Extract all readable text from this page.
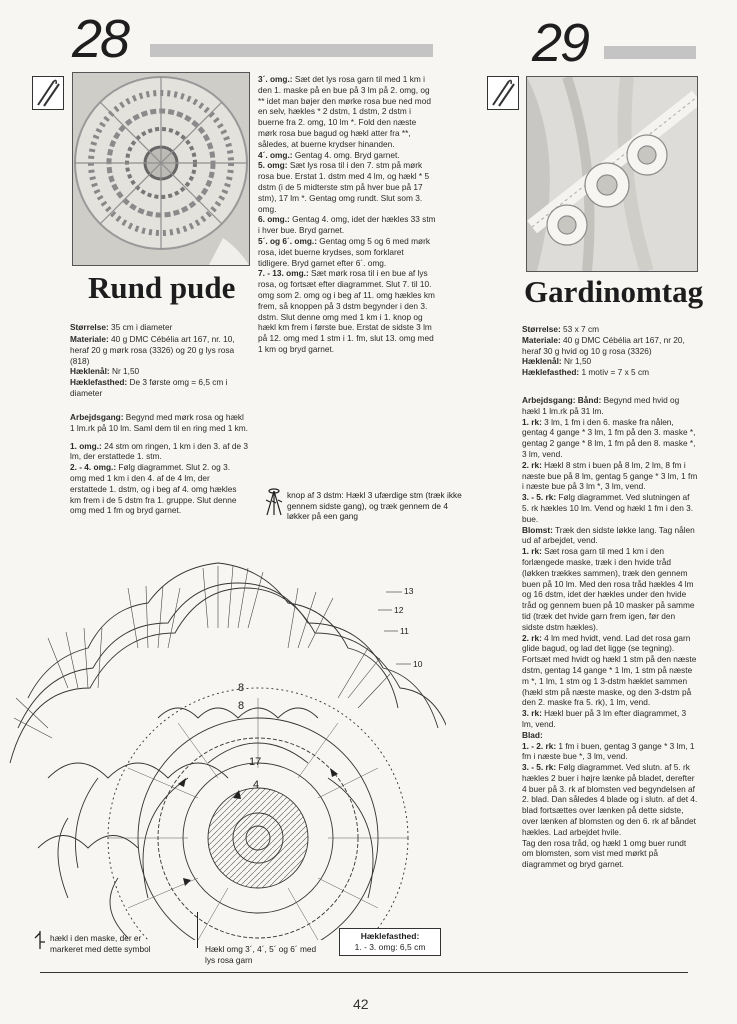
28	29
Rund pude	Gardinomtag

Størrelse: 35 cm i diameter

Materiale: 40 g DMC Cébélia art 167, nr. 10, heraf 20 g mørk rosa (3326) og 20 g lys rosa (818)
Hæklenål: Nr 1,50
Hæklefasthed: De 3 første omg = 6,5 cm i diameter

Arbejdsgang: Begynd med mørk rosa og hækl 1 lm.rk på 10 lm. Saml dem til en ring med 1 km.

1. omg.: 24 stm om ringen, 1 km i den 3. af de 3 lm, der erstattede 1. stm.

2. - 4. omg.: Følg diagrammet. Slut 2. og 3. omg med 1 km i den 4. af de 4 lm, der erstattede 1. dstm, og i beg af 4. omg hækles km frem i de 5 dstm fra 1. gruppe. Slut denne omg med 1 fm og bryd garnet.

3´. omg.: Sæt det lys rosa garn til med 1 km i den 1. maske på en bue på 3 lm på 2. omg, og ** idet man bøjer den mørke rosa bue ned mod en selv, hækles * 2 dstm, 1 dstm, 2 dstm i buerne fra 2. omg, 10 lm *. Fold den næste mørk rosa bue bagud og hækl atter fra **, således, at buerne krydser hinanden.
4´. omg.: Gentag 4. omg. Bryd garnet.
5. omg: Sæt lys rosa til i den 7. stm på mørk rosa bue. Erstat 1. dstm med 4 lm, og hækl * 5 dstm (i de 5 midterste stm på hver bue på 17 stm), 17 lm *. Gentag omg rundt. Slut som 3. omg.
6. omg.: Gentag 4. omg, idet der hækles 33 stm i hver bue. Bryd garnet.
5´. og 6´. omg.: Gentag omg 5 og 6 med mørk rosa, idet buerne krydses, som forklaret tidligere. Bryd garnet efter 6´. omg.
7. - 13. omg.: Sæt mørk rosa til i en bue af lys rosa, og fortsæt efter diagrammet. Slut 7. til 10. omg som 2. omg og i beg af 11. omg hækles km frem, så knoppen på 3 dstm begynder i den 3. dstm. Slut denne omg med 1 km i 1. knop og hækl km frem i første bue. Erstat de sidste 3 lm på 12. omg med 1 stm i 1. fm, slut 13. omg med 1 km og bryd garnet.
knop af 3 dstm: Hækl 3 ufærdige stm (træk ikke gennem sidste gang), og træk gennem de 4 løkker på een gang
13
12
11
10
8
8
17
4
hækl i den maske, der er markeret med dette symbol	Hækl omg 3´, 4´, 5´ og 6´ med lys rosa garn
Hæklefasthed:
1. - 3. omg: 6,5 cm
Størrelse: 53 x 7 cm
Materiale: 40 g DMC Cébélia art 167, nr 20, heraf 30 g hvid og 10 g rosa (3326)
Hæklenål: Nr 1,50
Hæklefasthed: 1 motiv = 7 x 5 cm
Arbejdsgang: Bånd: Begynd med hvid og hækl 1 lm.rk på 31 lm.
1. rk: 3 lm, 1 fm i den 6. maske fra nålen, gentag 4 gange * 3 lm, 1 fm på den 3. maske *, gentag 2 gange * 8 lm, 1 fm på den 8. maske *, 3 lm, vend.
2. rk: Hækl 8 stm i buen på 8 lm, 2 lm, 8 fm i næste bue på 8 lm, gentag 5 gange * 3 lm, 1 fm i næste bue på 3 lm *, 3 lm, vend.
3. - 5. rk: Følg diagrammet. Ved slutningen af 5. rk hækles 10 lm. Vend og hækl 1 fm i den 3. bue.
Blomst: Træk den sidste løkke lang. Tag nålen ud af arbejdet, vend.
1. rk: Sæt rosa garn til med 1 km i den forlængede maske, træk i den hvide tråd (løkken trækkes sammen), træk den gennem buen på 10 lm. Med den rosa tråd hækles 4 lm og 16 dstm, idet der hækles under den hvide tråd og gennem buen på 10 masker på samme tid (træk det hvide garn frem igen, før den sidste dstm hækles).
2. rk: 4 lm med hvidt, vend. Lad det rosa garn glide bagud, og lad det ligge (se tegning). Fortsæt med hvidt og hækl 1 stm på den næste dstm, gentag 14 gange * 1 lm, 1 stm på næste m *, 1 lm, 1 stm og 1 3-dstm hæklet sammen (hækl stm på næste maske, og den 3-dstm på den 2. maske fra 5. rk), 1 lm, vend.
3. rk: Hækl buer på 3 lm efter diagrammet, 3 lm, vend.
Blad:
1. - 2. rk: 1 fm i buen, gentag 3 gange * 3 lm, 1 fm i næste bue *, 3 lm, vend.
3. - 5. rk: Følg diagrammet. Ved slutn. af 5. rk hækles 2 buer i højre lænke på bladet, derefter 4 buer på 3. rk af blomsten ved begyndelsen af 2. blad. Dan således 4 blade og i slutn. af det 4. blad fortsættes over lænken på dette sidste, over lænken af blomsten og den 6. rk af båndet hækles. Lad arbejdet hvile.
Tag den rosa tråd, og hækl 1 omg buer rundt om blomsten, som vist med mørkt på diagrammet og bryd garnet.
42
